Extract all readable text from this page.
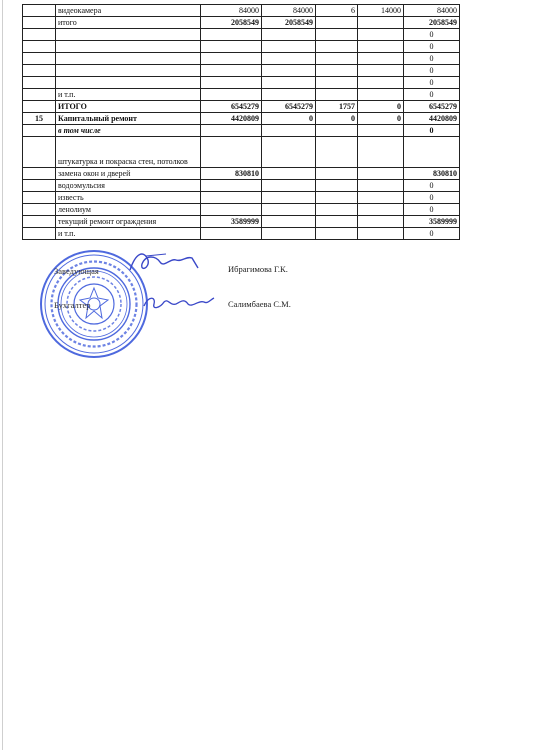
	видеокамера	84000	84000	6	14000	84000
	итого	2058549	2058549			2058549
						0
						0
						0
						0
						0
	и т.п.					0
	ИТОГО	6545279	6545279	1757	0	6545279
15	Капитальный ремонт	4420809	0	0	0	4420809
	в том числе					0
	штукатурка и покраска стен, потолков					
	замена окон и дверей	830810				830810
	водоэмульсия					0
	известь					0
	ленолиум					0
	текущий ремонт ограждения	3589999				3589999
	и т.п.					0
Заведующая	Ибрагимова Г.К.
Бухгалтер	Салимбаева С.М.
